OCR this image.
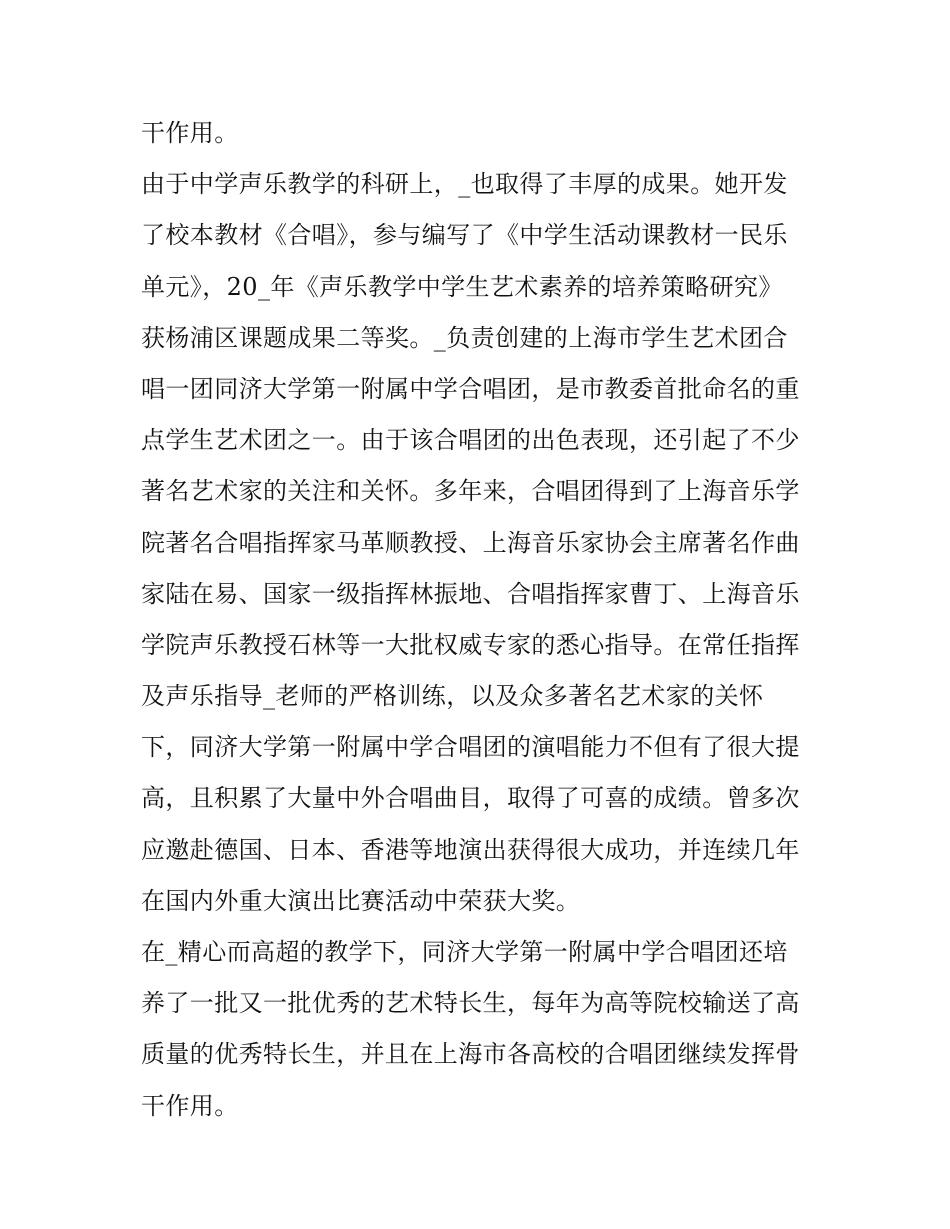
干作用。
由于中学声乐教学的科研上，_也取得了丰厚的成果。她开发
了校本教材《合唱》，参与编写了《中学生活动课教材一民乐
单元》，20_年《声乐教学中学生艺术素养的培养策略研究》
获杨浦区课题成果二等奖。_负责创建的上海市学生艺术团合
唱一团同济大学第一附属中学合唱团，是市教委首批命名的重
点学生艺术团之一。由于该合唱团的出色表现，还引起了不少
著名艺术家的关注和关怀。多年来，合唱团得到了上海音乐学
院著名合唱指挥家马革顺教授、上海音乐家协会主席著名作曲
家陆在易、国家一级指挥林振地、合唱指挥家曹丁、上海音乐
学院声乐教授石林等一大批权威专家的悉心指导。在常任指挥
及声乐指导_老师的严格训练，以及众多著名艺术家的关怀
下，同济大学第一附属中学合唱团的演唱能力不但有了很大提
高，且积累了大量中外合唱曲目，取得了可喜的成绩。曾多次
应邀赴德国、日本、香港等地演出获得很大成功，并连续几年
在国内外重大演出比赛活动中荣获大奖。
在_精心而高超的教学下，同济大学第一附属中学合唱团还培
养了一批又一批优秀的艺术特长生，每年为高等院校输送了高
质量的优秀特长生，并且在上海市各高校的合唱团继续发挥骨
干作用。
